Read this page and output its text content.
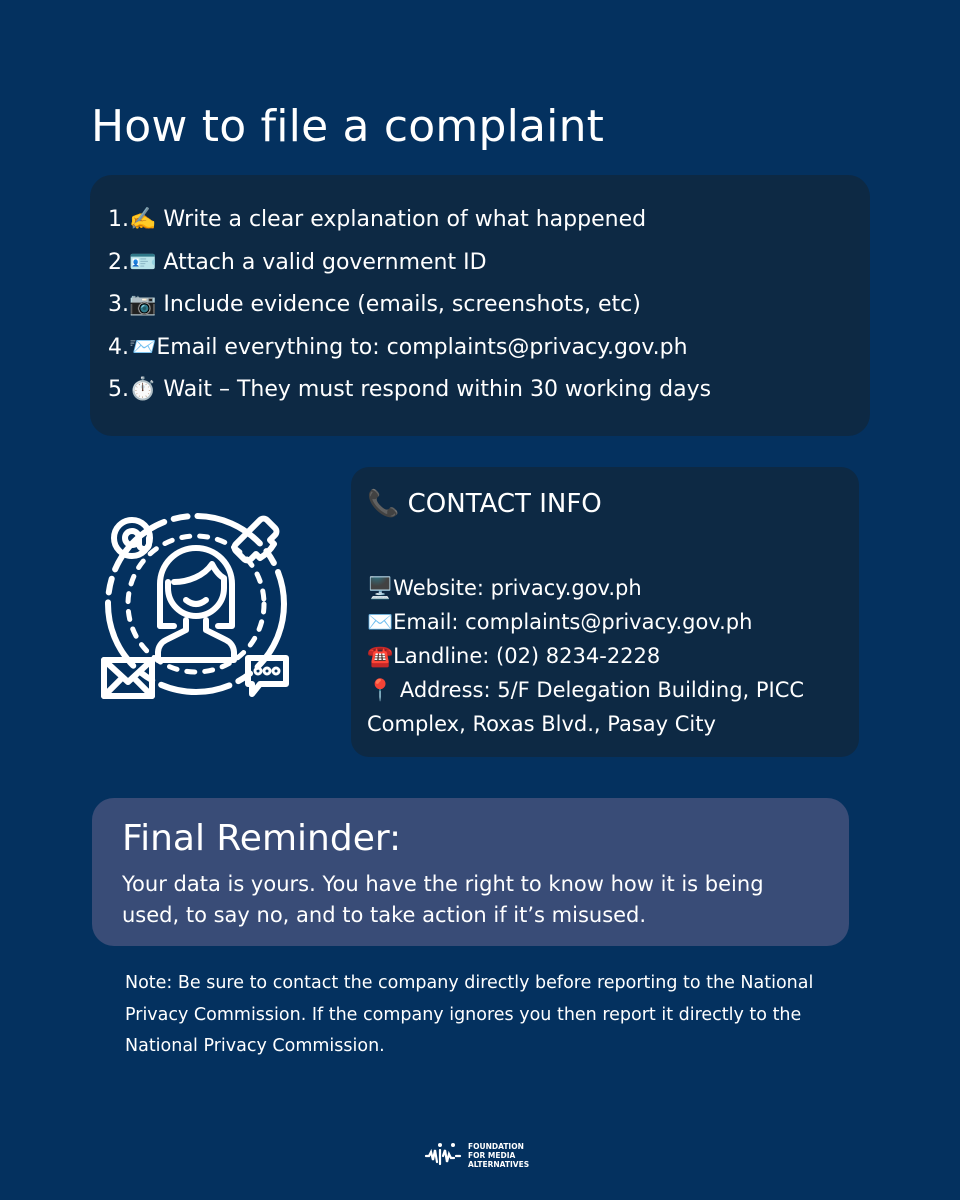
How to file a complaint
1.✍️ Write a clear explanation of what happened
2.🪪 Attach a valid government ID
3.📷 Include evidence (emails, screenshots, etc)
4.📨Email everything to: complaints@privacy.gov.ph
5.⏱️ Wait – They must respond within 30 working days
📞 CONTACT INFO
🖥️Website: privacy.gov.ph
✉️Email: complaints@privacy.gov.ph
☎️Landline: (02) 8234-2228
📍 Address: 5/F Delegation Building, PICC Complex, Roxas Blvd., Pasay City
Final Reminder:

Your data is yours. You have the right to know how it is being used, to say no, and to take action if it’s misused.

Note: Be sure to contact the company directly before reporting to the National Privacy Commission. If the company ignores you then report it directly to the National Privacy Commission.

FOUNDATION
FOR MEDIA
ALTERNATIVES
